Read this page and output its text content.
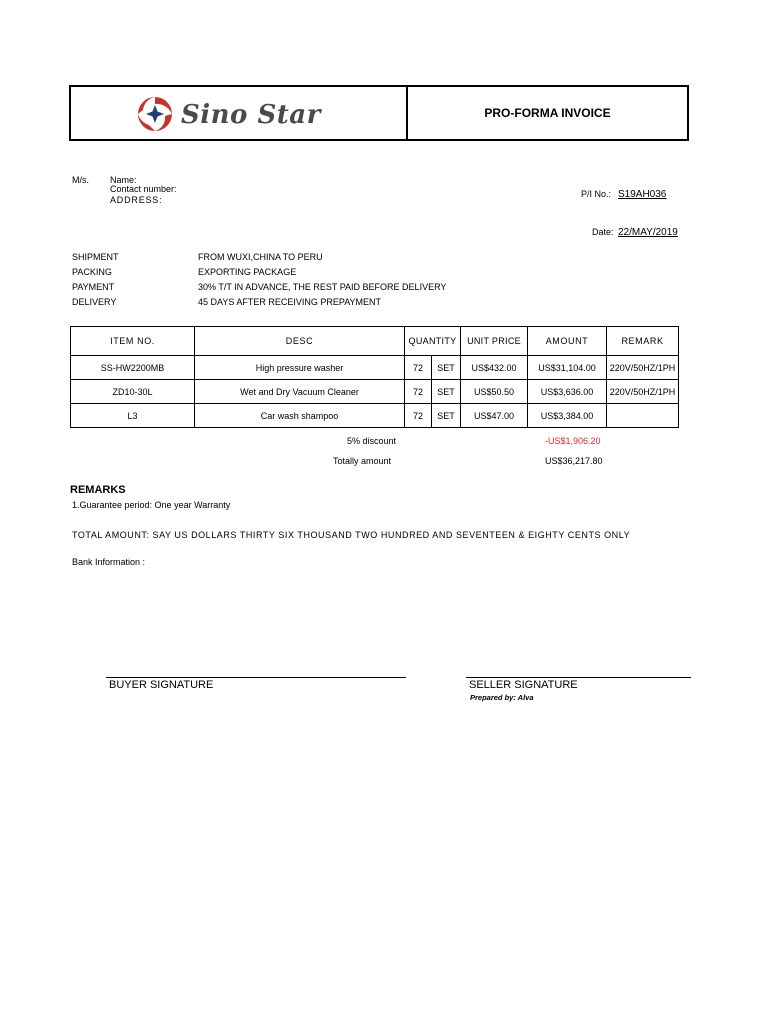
Sino Star	PRO-FORMA INVOICE
M/s. Name:
Contact number:
ADDRESS:
P/I No.: S19AH036
Date: 22/MAY/2019
SHIPMENT	FROM WUXI,CHINA TO PERU
PACKING	EXPORTING PACKAGE
PAYMENT	30% T/T IN ADVANCE, THE REST PAID BEFORE DELIVERY
DELIVERY	45 DAYS AFTER RECEIVING PREPAYMENT
ITEM NO.	DESC	QUANTITY		UNIT PRICE	AMOUNT	REMARK
SS-HW2200MB	High pressure washer	72	SET	US$432.00	US$31,104.00	220V/50HZ/1PH
ZD10-30L	Wet and Dry Vacuum Cleaner	72	SET	US$50.50	US$3,636.00	220V/50HZ/1PH
L3	Car wash shampoo	72	SET	US$47.00	US$3,384.00	
5% discount	-US$1,906.20
Totally amount	US$36,217.80
REMARKS
1.Guarantee period: One year Warranty
TOTAL AMOUNT: SAY US DOLLARS THIRTY SIX THOUSAND TWO HUNDRED AND SEVENTEEN & EIGHTY CENTS ONLY
Bank Information :
BUYER SIGNATURE	SELLER SIGNATURE
Prepared by: Alva
